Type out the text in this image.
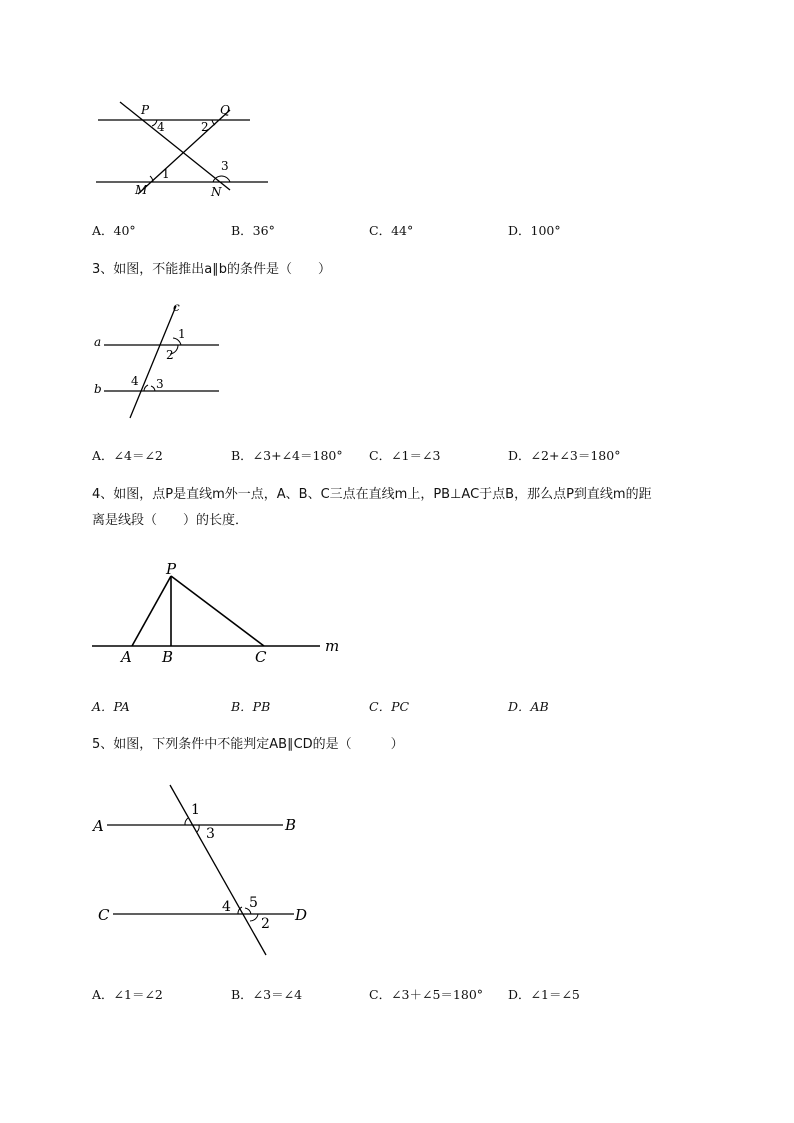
P	Q
M	N
4	2
1
3
A．40°	B．36°	C．44°	D．100°
3、如图，不能推出a∥b的条件是（　　）
a
b
c
1
2
4 3
A．∠4＝∠2	B．∠3+∠4＝180° C．∠1＝∠3	D．∠2+∠3＝180°
4、如图，点P是直线m外一点，A、B、C三点在直线m上，PB⊥AC于点B，那么点P到直线m的距
离是线段（　　）的长度．
P
A B	C
m
A．PA	B．PB	C．PC	D．AB
5、如图，下列条件中不能判定AB∥CD的是（　　　）
A	B
C	D
1
3
4 5
2
A．∠1＝∠2	B．∠3＝∠4	C．∠3＋∠5＝180° D．∠1＝∠5
